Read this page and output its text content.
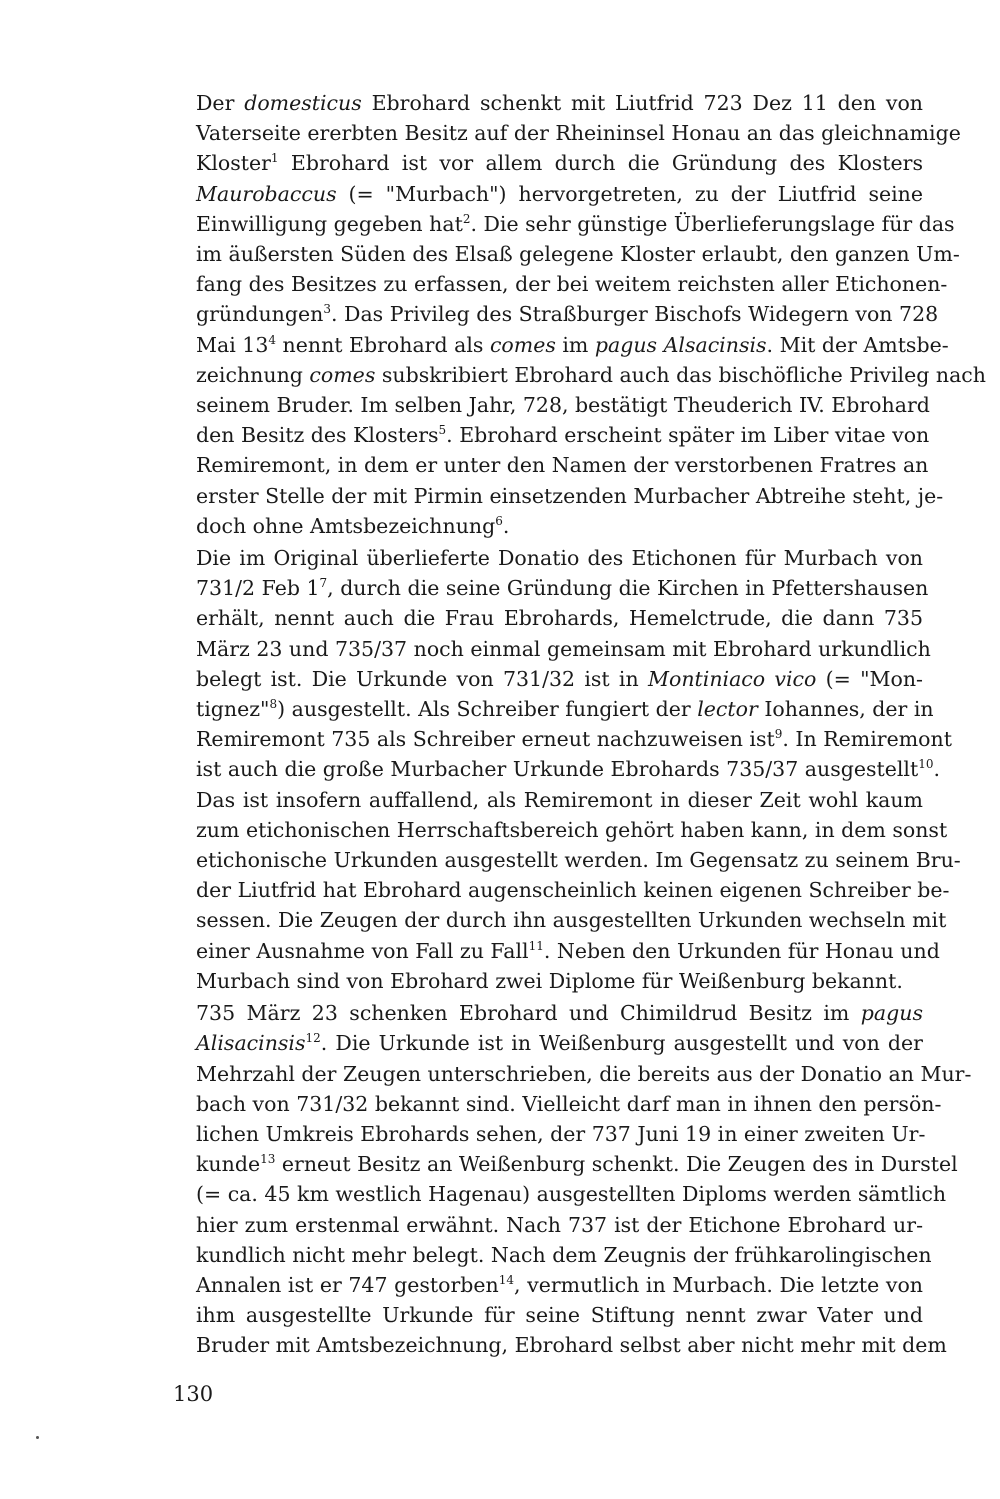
Der domesticus Ebrohard schenkt mit Liutfrid 723 Dez 11 den von
Vaterseite ererbten Besitz auf der Rheininsel Honau an das gleichnamige
Kloster$^1$ Ebrohard ist vor allem durch die Gründung des Klosters
Maurobaccus (= "Murbach") hervorgetreten, zu der Liutfrid seine
Einwilligung gegeben hat$^2$. Die sehr günstige Überlieferungslage für das
im äußersten Süden des Elsaß gelegene Kloster erlaubt, den ganzen Um-
fang des Besitzes zu erfassen, der bei weitem reichsten aller Etichonen-
gründungen$^3$. Das Privileg des Straßburger Bischofs Widegern von 728
Mai $13^4$ nennt Ebrohard als comes im pagus Alsacinsis. Mit der Amtsbe-
zeichnung comes subskribiert Ebrohard auch das bischöfliche Privileg nach
seinem Bruder. Im selben Jahr, 728, bestätigt Theuderich IV. Ebrohard
den Besitz des Klosters$^5$. Ebrohard erscheint später im Liber vitae von
Remiremont, in dem er unter den Namen der verstorbenen Fratres an
erster Stelle der mit Pirmin einsetzenden Murbacher Abtreihe steht, je-
doch ohne Amtsbezeichnung$^6$.

Die im Original überlieferte Donatio des Etichonen für Murbach von
731/2 Feb $1^7$, durch die seine Gründung die Kirchen in Pfettershausen
erhält, nennt auch die Frau Ebrohards, Hemelctrude, die dann 735
März 23 und 735/37 noch einmal gemeinsam mit Ebrohard urkundlich
belegt ist. Die Urkunde von 731/32 ist in Montiniaco vico (= "Mon-
tignez"$^8$) ausgestellt. Als Schreiber fungiert der lector Iohannes, der in
Remiremont 735 als Schreiber erneut nachzuweisen ist$^9$. In Remiremont
ist auch die große Murbacher Urkunde Ebrohards 735/37 ausgestellt$^{10}$.
Das ist insofern auffallend, als Remiremont in dieser Zeit wohl kaum
zum etichonischen Herrschaftsbereich gehört haben kann, in dem sonst
etichonische Urkunden ausgestellt werden. Im Gegensatz zu seinem Bru-
der Liutfrid hat Ebrohard augenscheinlich keinen eigenen Schreiber be-
sessen. Die Zeugen der durch ihn ausgestellten Urkunden wechseln mit
einer Ausnahme von Fall zu Fall$^{11}$. Neben den Urkunden für Honau und
Murbach sind von Ebrohard zwei Diplome für Weißenburg bekannt.

735 März 23 schenken Ebrohard und Chimildrud Besitz im pagus
Alisacinsis$^{12}$. Die Urkunde ist in Weißenburg ausgestellt und von der
Mehrzahl der Zeugen unterschrieben, die bereits aus der Donatio an Mur-
bach von 731/32 bekannt sind. Vielleicht darf man in ihnen den persön-
lichen Umkreis Ebrohards sehen, der 737 Juni 19 in einer zweiten Ur-
kunde$^{13}$ erneut Besitz an Weißenburg schenkt. Die Zeugen des in Durstel
(= ca. 45 km westlich Hagenau) ausgestellten Diploms werden sämtlich
hier zum erstenmal erwähnt. Nach 737 ist der Etichone Ebrohard ur-
kundlich nicht mehr belegt. Nach dem Zeugnis der frühkarolingischen
Annalen ist er 747 gestorben$^{14}$, vermutlich in Murbach. Die letzte von
ihm ausgestellte Urkunde für seine Stiftung nennt zwar Vater und
Bruder mit Amtsbezeichnung, Ebrohard selbst aber nicht mehr mit dem

130
